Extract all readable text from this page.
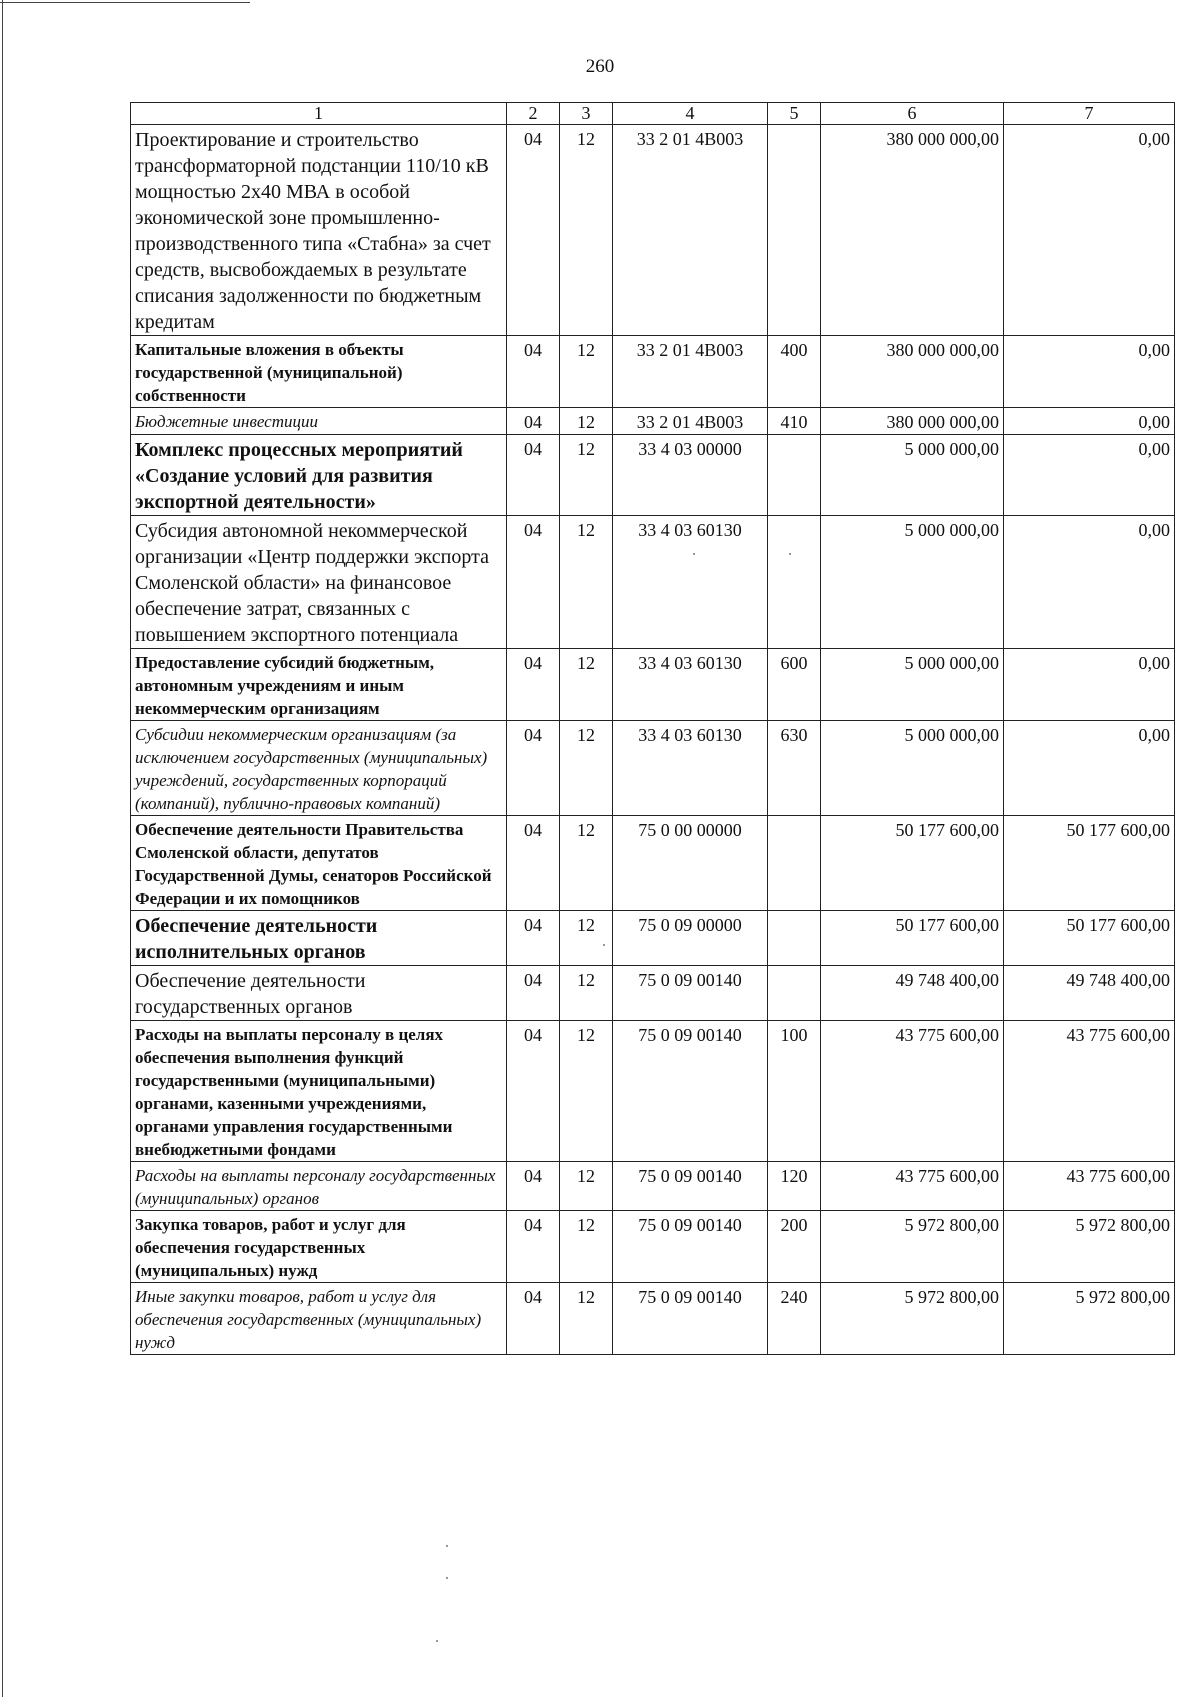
260
1	2	3	4	5	6	7
Проектирование и строительство трансформаторной подстанции 110/10 кВ мощностью 2х40 МВА в особой экономической зоне промышленно-производственного типа «Стабна» за счет средств, высвобождаемых в результате списания задолженности по бюджетным кредитам	04	12	33 2 01 4В003		380 000 000,00	0,00
Капитальные вложения в объекты государственной (муниципальной) собственности	04	12	33 2 01 4В003	400	380 000 000,00	0,00
Бюджетные инвестиции	04	12	33 2 01 4В003	410	380 000 000,00	0,00
Комплекс процессных мероприятий «Создание условий для развития экспортной деятельности»	04	12	33 4 03 00000		5 000 000,00	0,00
Субсидия автономной некоммерческой организации «Центр поддержки экспорта Смоленской области» на финансовое обеспечение затрат, связанных с повышением экспортного потенциала	04	12	33 4 03 60130		5 000 000,00	0,00
Предоставление субсидий бюджетным, автономным учреждениям и иным некоммерческим организациям	04	12	33 4 03 60130	600	5 000 000,00	0,00
Субсидии некоммерческим организациям (за исключением государственных (муниципальных) учреждений, государственных корпораций (компаний), публично-правовых компаний)	04	12	33 4 03 60130	630	5 000 000,00	0,00
Обеспечение деятельности Правительства Смоленской области, депутатов Государственной Думы, сенаторов Российской Федерации и их помощников	04	12	75 0 00 00000		50 177 600,00	50 177 600,00
Обеспечение деятельности исполнительных органов	04	12	75 0 09 00000		50 177 600,00	50 177 600,00
Обеспечение деятельности государственных органов	04	12	75 0 09 00140		49 748 400,00	49 748 400,00
Расходы на выплаты персоналу в целях обеспечения выполнения функций государственными (муниципальными) органами, казенными учреждениями, органами управления государственными внебюджетными фондами	04	12	75 0 09 00140	100	43 775 600,00	43 775 600,00
Расходы на выплаты персоналу государственных (муниципальных) органов	04	12	75 0 09 00140	120	43 775 600,00	43 775 600,00
Закупка товаров, работ и услуг для обеспечения государственных (муниципальных) нужд	04	12	75 0 09 00140	200	5 972 800,00	5 972 800,00
Иные закупки товаров, работ и услуг для обеспечения государственных (муниципальных) нужд	04	12	75 0 09 00140	240	5 972 800,00	5 972 800,00
